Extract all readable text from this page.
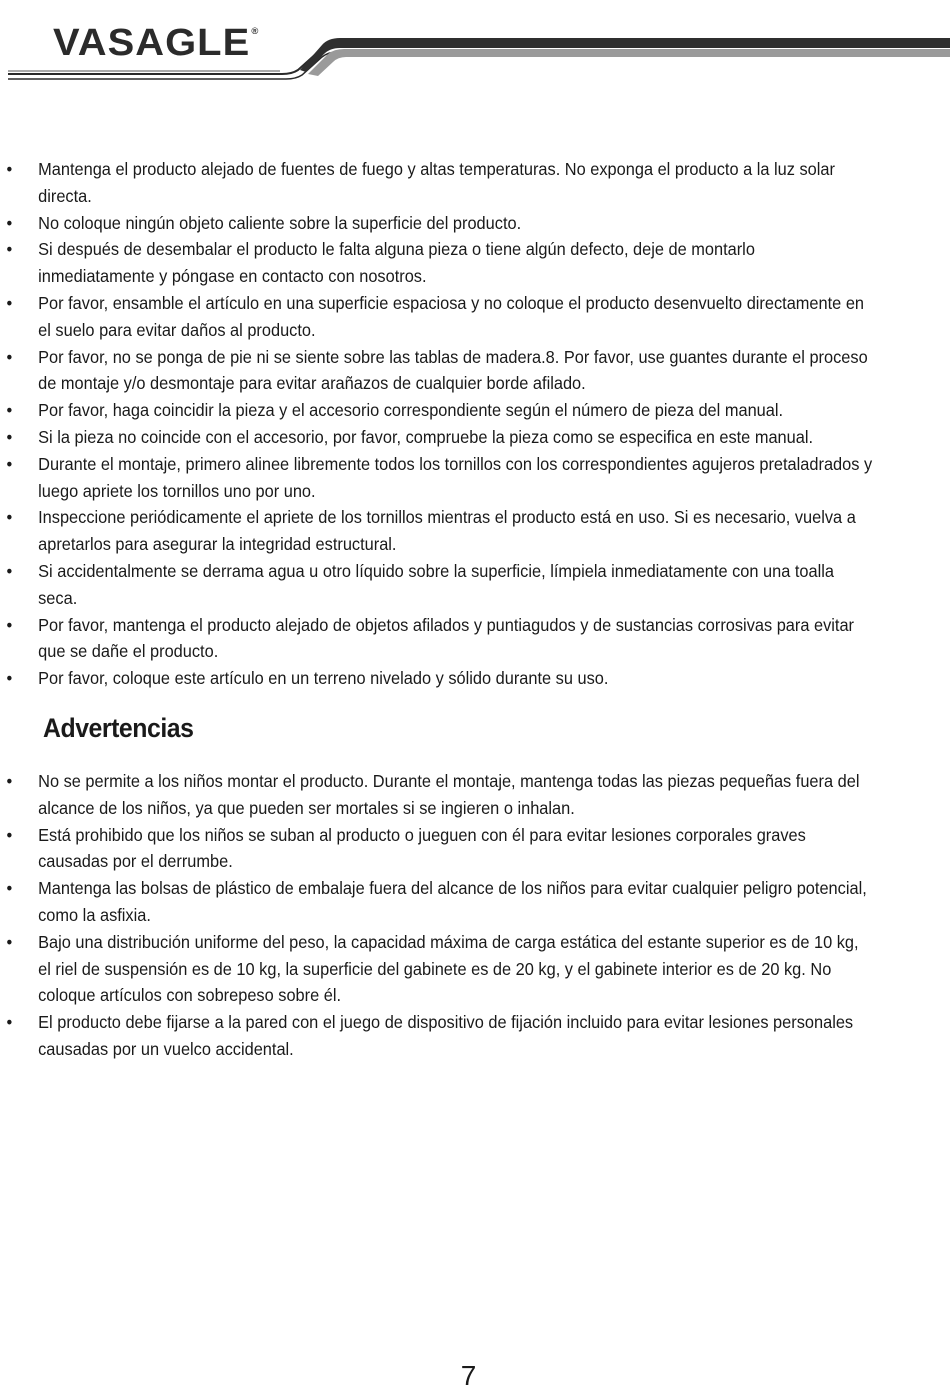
VASAGLE®
• Mantenga el producto alejado de fuentes de fuego y altas temperaturas. No exponga el producto a la luz solar directa.
• No coloque ningún objeto caliente sobre la superficie del producto.
• Si después de desembalar el producto le falta alguna pieza o tiene algún defecto, deje de montarlo inmediatamente y póngase en contacto con nosotros.
• Por favor, ensamble el artículo en una superficie espaciosa y no coloque el producto desenvuelto directamente en el suelo para evitar daños al producto.
• Por favor, no se ponga de pie ni se siente sobre las tablas de madera.8. Por favor, use guantes durante el proceso de montaje y/o desmontaje para evitar arañazos de cualquier borde afilado.
• Por favor, haga coincidir la pieza y el accesorio correspondiente según el número de pieza del manual.
• Si la pieza no coincide con el accesorio, por favor, compruebe la pieza como se especifica en este manual.
• Durante el montaje, primero alinee libremente todos los tornillos con los correspondientes agujeros pretaladrados y luego apriete los tornillos uno por uno.
• Inspeccione periódicamente el apriete de los tornillos mientras el producto está en uso. Si es necesario, vuelva a apretarlos para asegurar la integridad estructural.
• Si accidentalmente se derrama agua u otro líquido sobre la superficie, límpiela inmediatamente con una toalla seca.
• Por favor, mantenga el producto alejado de objetos afilados y puntiagudos y de sustancias corrosivas para evitar que se dañe el producto.
• Por favor, coloque este artículo en un terreno nivelado y sólido durante su uso.
Advertencias
• No se permite a los niños montar el producto. Durante el montaje, mantenga todas las piezas pequeñas fuera del alcance de los niños, ya que pueden ser mortales si se ingieren o inhalan.
• Está prohibido que los niños se suban al producto o jueguen con él para evitar lesiones corporales graves causadas por el derrumbe.
• Mantenga las bolsas de plástico de embalaje fuera del alcance de los niños para evitar cualquier peligro potencial, como la asfixia.
• Bajo una distribución uniforme del peso, la capacidad máxima de carga estática del estante superior es de 10 kg, el riel de suspensión es de 10 kg, la superficie del gabinete es de 20 kg, y el gabinete interior es de 20 kg. No coloque artículos con sobrepeso sobre él.
• El producto debe fijarse a la pared con el juego de dispositivo de fijación incluido para evitar lesiones personales causadas por un vuelco accidental.
7
